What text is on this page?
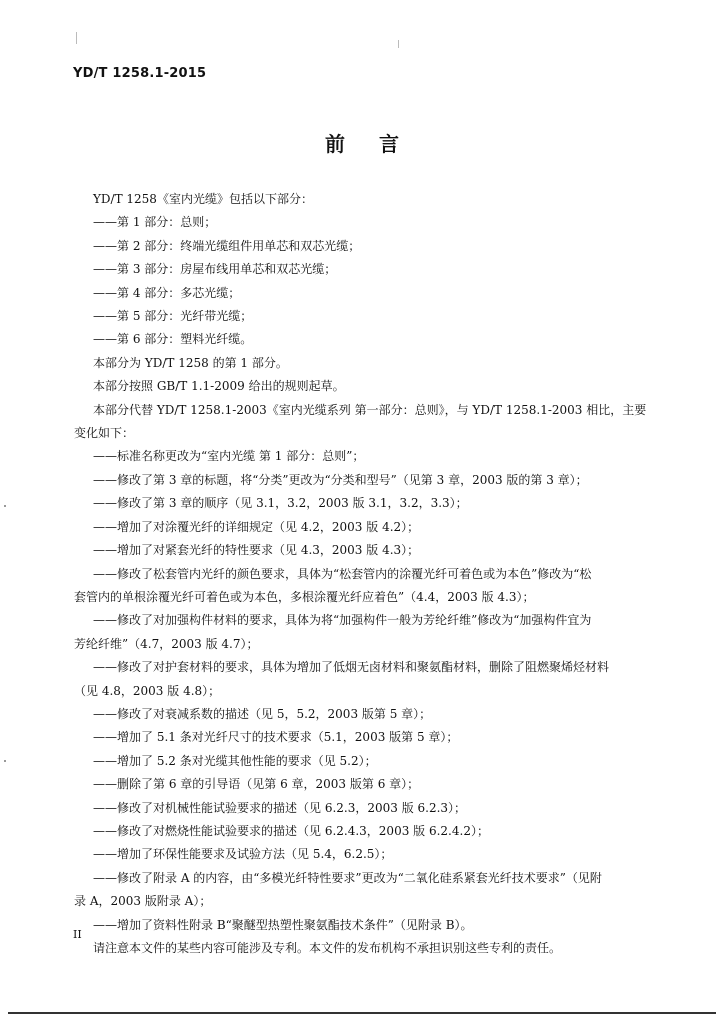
YD/T 1258.1-2015
前 言

YD/T 1258《室内光缆》包括以下部分：

——第 1 部分：总则；

——第 2 部分：终端光缆组件用单芯和双芯光缆；

——第 3 部分：房屋布线用单芯和双芯光缆；

——第 4 部分：多芯光缆；

——第 5 部分：光纤带光缆；

——第 6 部分：塑料光纤缆。

本部分为 YD/T 1258 的第 1 部分。

本部分按照 GB/T 1.1-2009 给出的规则起草。

本部分代替 YD/T 1258.1-2003《室内光缆系列 第一部分：总则》，与 YD/T 1258.1-2003 相比，主要

变化如下：

——标准名称更改为“室内光缆 第 1 部分：总则”；

——修改了第 3 章的标题，将“分类”更改为“分类和型号”（见第 3 章，2003 版的第 3 章）；

——修改了第 3 章的顺序（见 3.1，3.2，2003 版 3.1，3.2，3.3）；

——增加了对涂覆光纤的详细规定（见 4.2，2003 版 4.2）；

——增加了对紧套光纤的特性要求（见 4.3，2003 版 4.3）；

——修改了松套管内光纤的颜色要求，具体为“松套管内的涂覆光纤可着色或为本色”修改为“松

套管内的单根涂覆光纤可着色或为本色，多根涂覆光纤应着色”（4.4，2003 版 4.3）；

——修改了对加强构件材料的要求，具体为将“加强构件一般为芳纶纤维”修改为“加强构件宜为

芳纶纤维”（4.7，2003 版 4.7）；

——修改了对护套材料的要求，具体为增加了低烟无卤材料和聚氨酯材料，删除了阻燃聚烯烃材料

（见 4.8，2003 版 4.8）；

——修改了对衰减系数的描述（见 5，5.2，2003 版第 5 章）；

——增加了 5.1 条对光纤尺寸的技术要求（5.1，2003 版第 5 章）；

——增加了 5.2 条对光缆其他性能的要求（见 5.2）；

——删除了第 6 章的引导语（见第 6 章，2003 版第 6 章）；

——修改了对机械性能试验要求的描述（见 6.2.3，2003 版 6.2.3）；

——修改了对燃烧性能试验要求的描述（见 6.2.4.3，2003 版 6.2.4.2）；

——增加了环保性能要求及试验方法（见 5.4，6.2.5）；

——修改了附录 A 的内容，由“多模光纤特性要求”更改为“二氧化硅系紧套光纤技术要求”（见附

录 A，2003 版附录 A）；

——增加了资料性附录 B“聚醚型热塑性聚氨酯技术条件”（见附录 B）。

请注意本文件的某些内容可能涉及专利。本文件的发布机构不承担识别这些专利的责任。

II
